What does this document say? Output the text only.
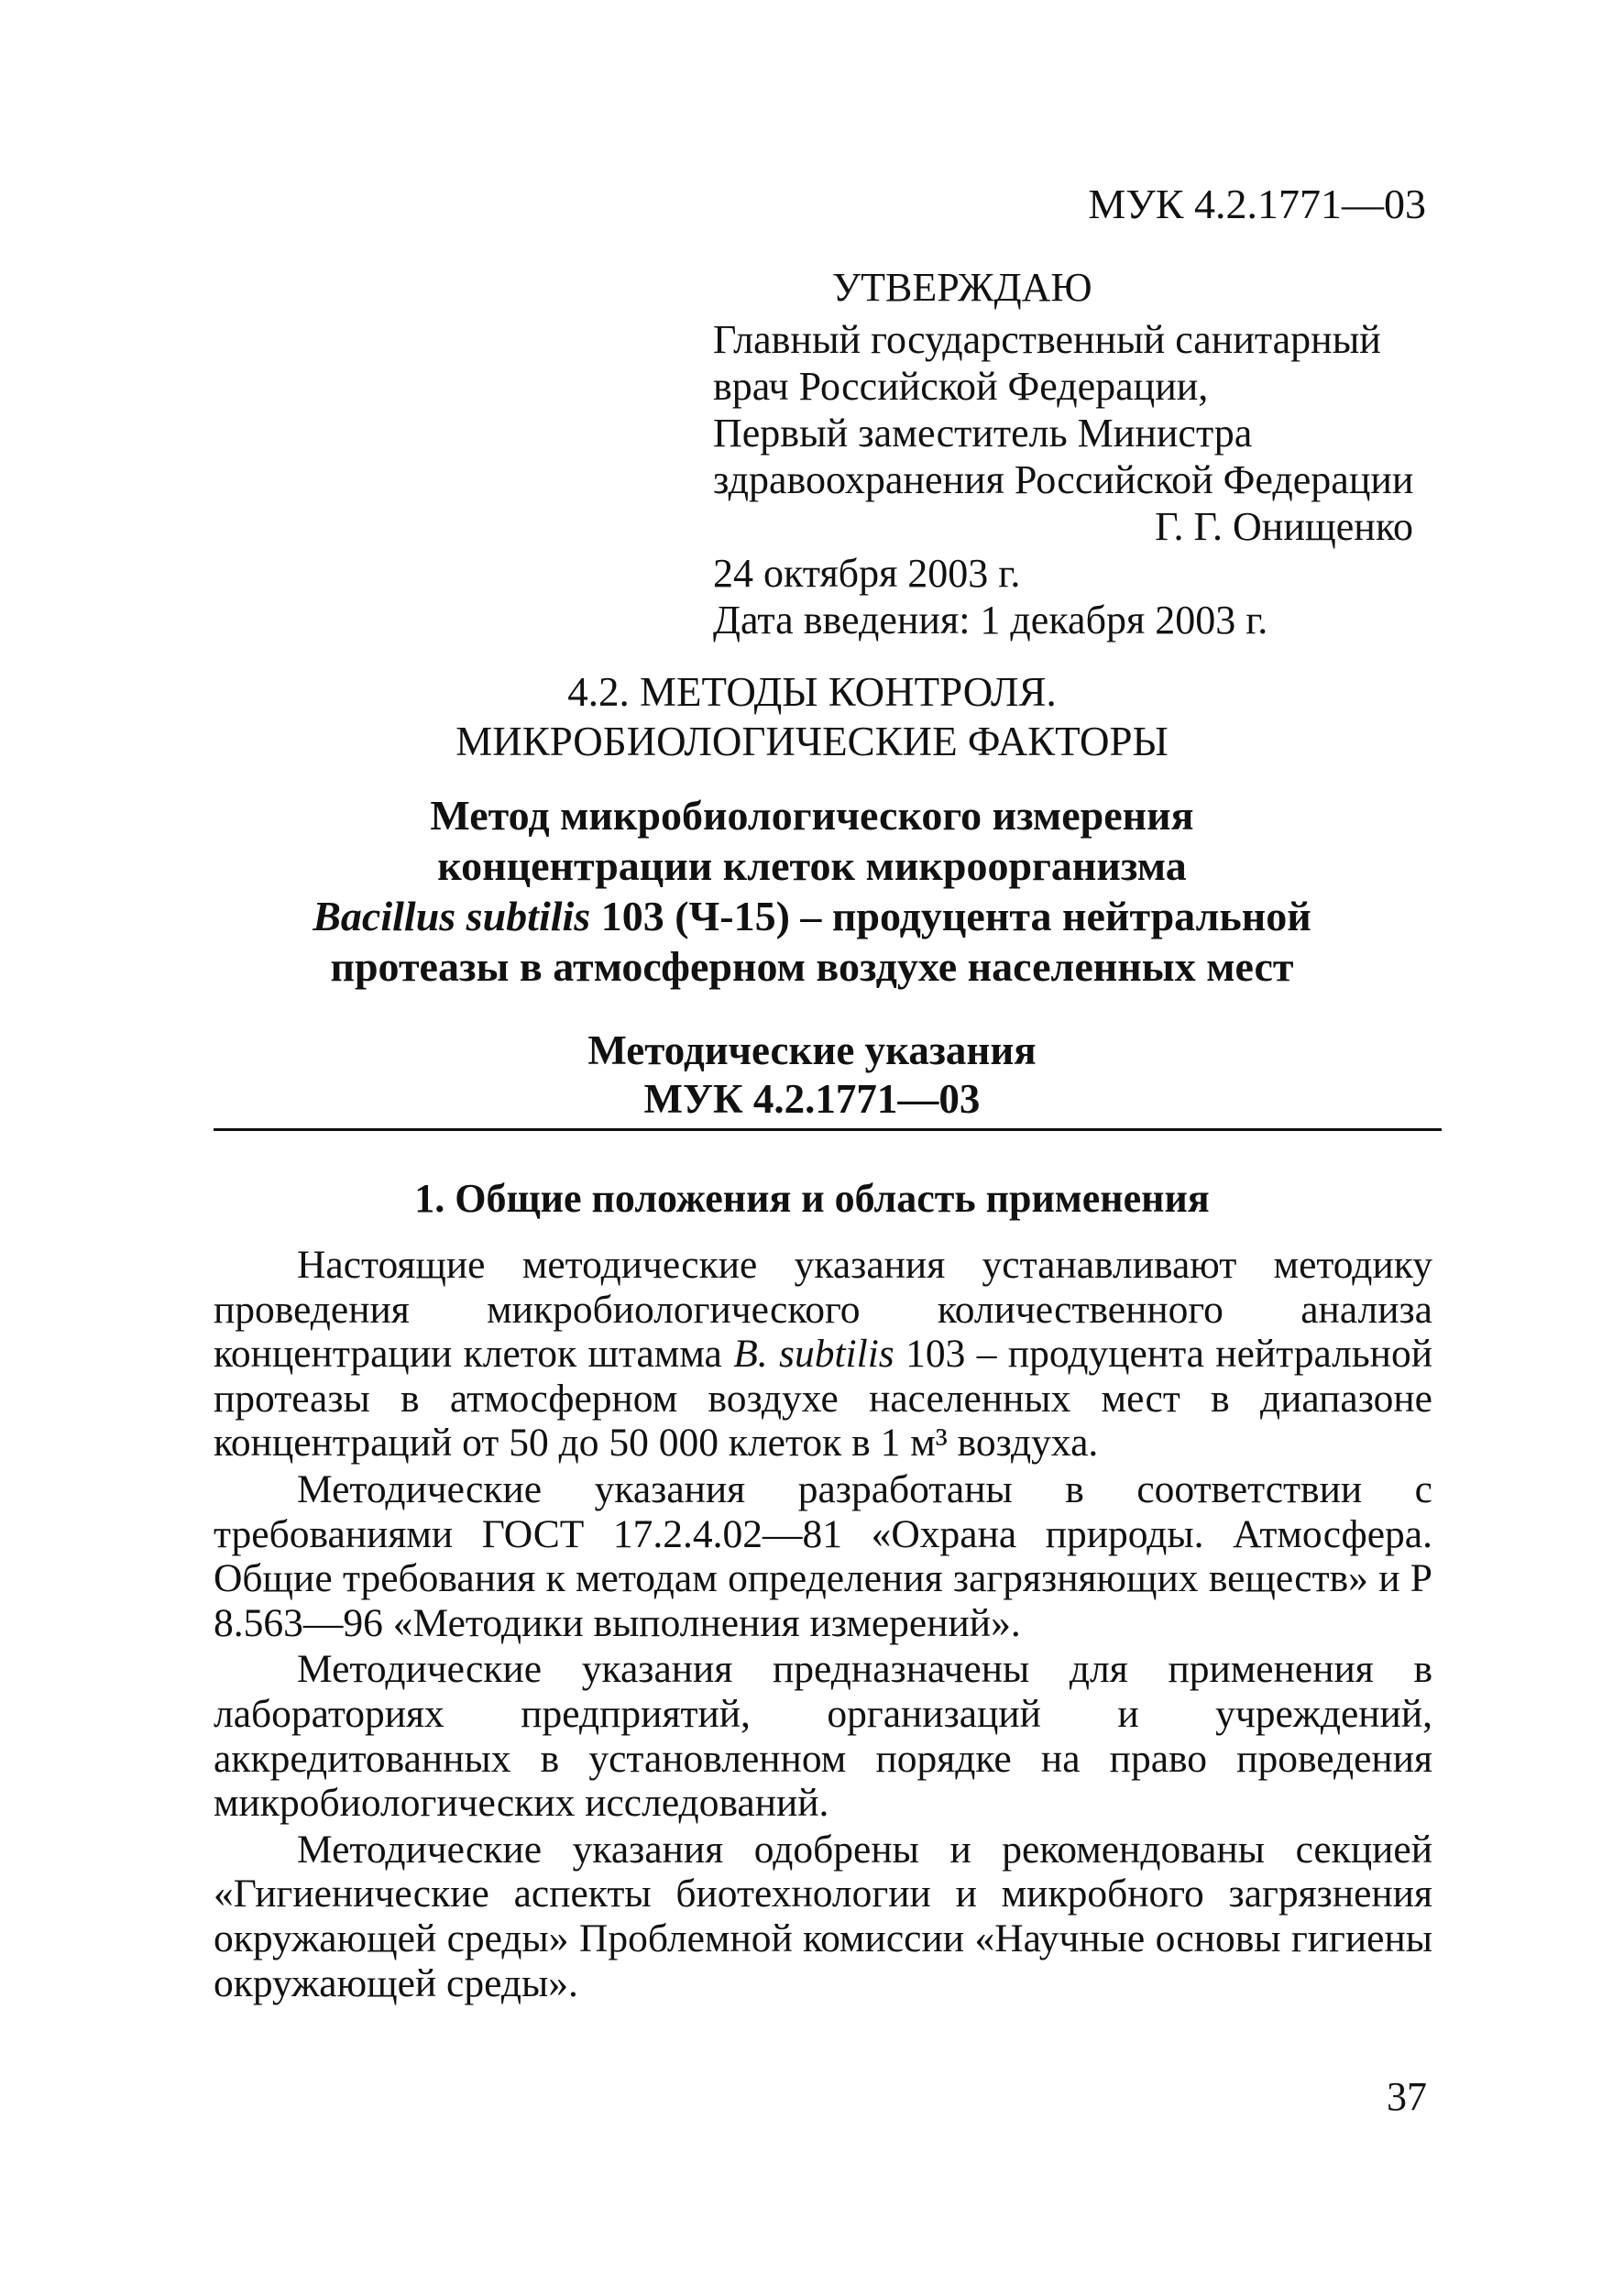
МУК 4.2.1771—03
УТВЕРЖДАЮ
Главный государственный санитарный
врач Российской Федерации,
Первый заместитель Министра
здравоохранения Российской Федерации
Г. Г. Онищенко
24 октября 2003 г.
Дата введения: 1 декабря 2003 г.
4.2. МЕТОДЫ КОНТРОЛЯ.
МИКРОБИОЛОГИЧЕСКИЕ ФАКТОРЫ
Метод микробиологического измерения
концентрации клеток микроорганизма
Bacillus subtilis 103 (Ч-15) – продуцента нейтральной
протеазы в атмосферном воздухе населенных мест
Методические указания
МУК 4.2.1771—03
1. Общие положения и область применения

Настоящие методические указания устанавливают методику проведения микробиологического количественного анализа концентрации клеток штамма B. subtilis 103 – продуцента нейтральной протеазы в атмосферном воздухе населенных мест в диапазоне концентраций от 50 до 50 000 клеток в 1 м³ воздуха.

Методические указания разработаны в соответствии с требованиями ГОСТ 17.2.4.02—81 «Охрана природы. Атмосфера. Общие требования к методам определения загрязняющих веществ» и Р 8.563—96 «Методики выполнения измерений».

Методические указания предназначены для применения в лабораториях предприятий, организаций и учреждений, аккредитованных в установленном порядке на право проведения микробиологических исследований.

Методические указания одобрены и рекомендованы секцией «Гигиенические аспекты биотехнологии и микробного загрязнения окружающей среды» Проблемной комиссии «Научные основы гигиены окружающей среды».

37
